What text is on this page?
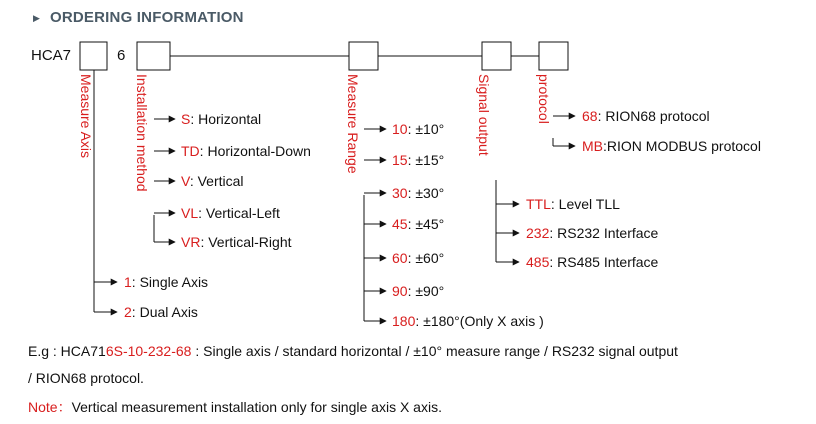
▶ ORDERING INFORMATION
HCA7	6
Measure Axis	Installation method	Measure Range	Signal output	protocol
1: Single Axis
2: Dual Axis
S: Horizontal
TD: Horizontal-Down
V: Vertical
VL: Vertical-Left
VR: Vertical-Right
10: ±10°
15: ±15°
30: ±30°
45: ±45°
60: ±60°
90: ±90°
180: ±180°(Only X axis )
TTL: Level TLL
232: RS232 Interface
485: RS485 Interface
68: RION68 protocol
MB:RION MODBUS protocol
E.g : HCA716S-10-232-68 : Single axis / standard horizontal / ±10° measure range / RS232 signal output
/ RION68 protocol.
Note：Vertical measurement installation only for single axis X axis.
